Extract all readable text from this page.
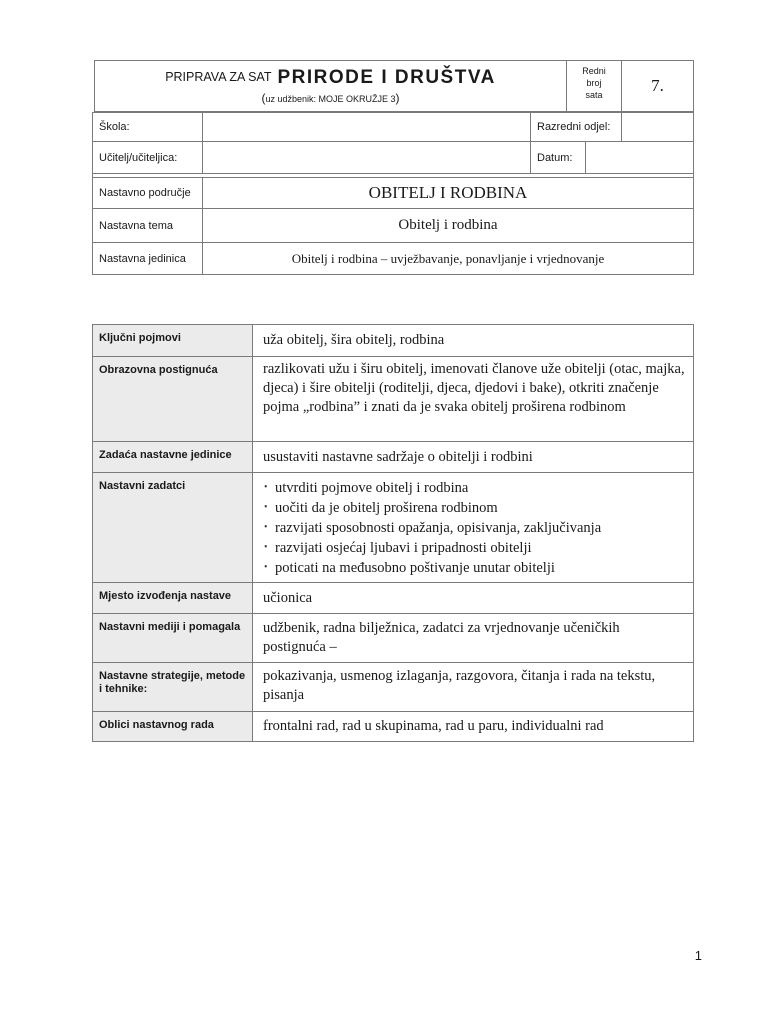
PRIPRAVA ZA SAT PRIRODE I DRUŠTVA
(uz udžbenik: MOJE OKRUŽJE 3)
Redni
broj
sata	7.
Škola:	Razredni odjel:
Učitelj/učiteljica:	Datum:
Nastavno područje	OBITELJ I RODBINA
Nastavna tema	Obitelj i rodbina
Nastavna jedinica	Obitelj i rodbina – uvježbavanje, ponavljanje i vrjednovanje
Ključni pojmovi	uža obitelj, šira obitelj, rodbina
Obrazovna postignuća	razlikovati užu i širu obitelj, imenovati članove uže obitelji (otac, majka, djeca) i šire obitelji (roditelji, djeca, djedovi i bake), otkriti značenje pojma „rodbina” i znati da je svaka obitelj proširena rodbinom
Zadaća nastavne jedinice	usustaviti nastavne sadržaje o obitelji i rodbini
Nastavni zadatci
•	utvrditi pojmove obitelj i rodbina
• uočiti da je obitelj proširena rodbinom
• razvijati sposobnosti opažanja, opisivanja, zaključivanja
• razvijati osjećaj ljubavi i pripadnosti obitelji
• poticati na međusobno poštivanje unutar obitelji
Mjesto izvođenja nastave	učionica
Nastavni mediji i pomagala	udžbenik, radna bilježnica, zadatci za vrjednovanje učeničkih postignuća –
Nastavne strategije, metode i tehnike:
pokazivanja, usmenog izlaganja, razgovora, čitanja i rada na tekstu, pisanja
Oblici nastavnog rada	frontalni rad, rad u skupinama, rad u paru, individualni rad
1
